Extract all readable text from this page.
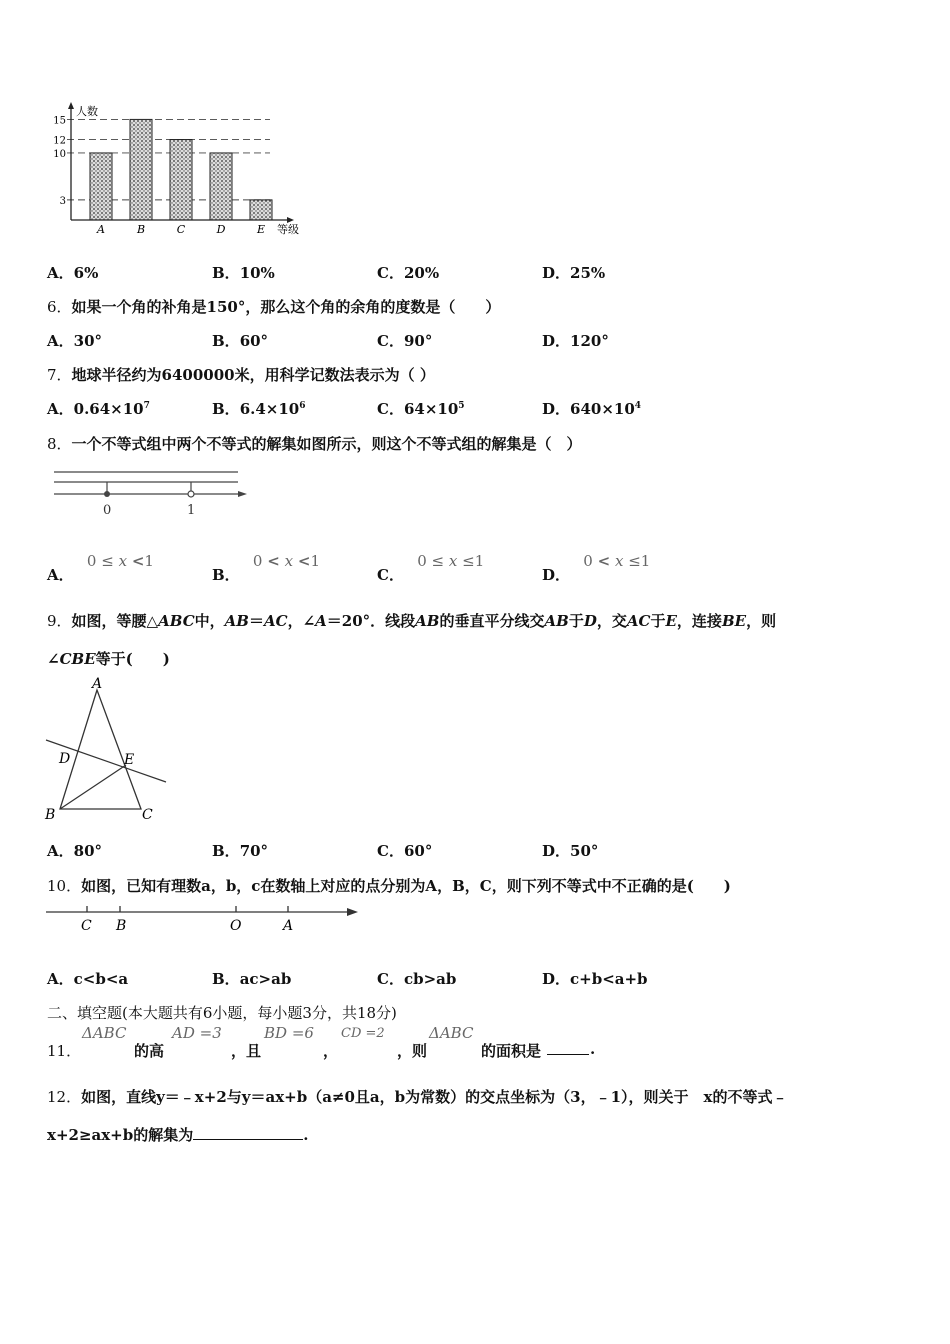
3
10
12
15
A	B	C	D	E
人数
等级
A．6%	B．10%	C．20%	D．25%
6．如果一个角的补角是150°，那么这个角的余角的度数是（　　）
A．30°	B．60°	C．90°	D．120°
7．地球半径约为6400000米，用科学记数法表示为（ ）
A．$0.64\times 10^7$	B．$6.4\times 10^6$	C．$64\times 10^5$	D．$640\times 10^4$
8．一个不等式组中两个不等式的解集如图所示，则这个不等式组的解集是（　）
0	1
A． 0 ≤ x <1
B． 0 < x <1
C． 0 ≤ x ≤1
D． 0 < x ≤1
9．如图，等腰△ABC中，AB＝AC，∠A＝20°．线段AB的垂直平分线交AB于D，交AC于E，连接BE，则
∠CBE等于(　　)
A
B	C
D	E
A．80°	B．70°	C．60°	D．50°
10．如图，已知有理数a，b，c在数轴上对应的点分别为A，B，C，则下列不等式中不正确的是(　　)
C B	O	A
A．c<b<a	B．ac>ab	C．cb>ab	D．c+b<a+b
二、填空题(本大题共有6小题，每小题3分，共18分)
11．
ΔABC
的高
AD =3
，且
BD =6
，
CD =2
，则
ΔABC
的面积是	.
12．如图，直线y＝﹣x+2与y＝ax+b（a≠0且a，b为常数）的交点坐标为（3，﹣1），则关于　x的不等式﹣
x+2≥ax+b的解集为	.
